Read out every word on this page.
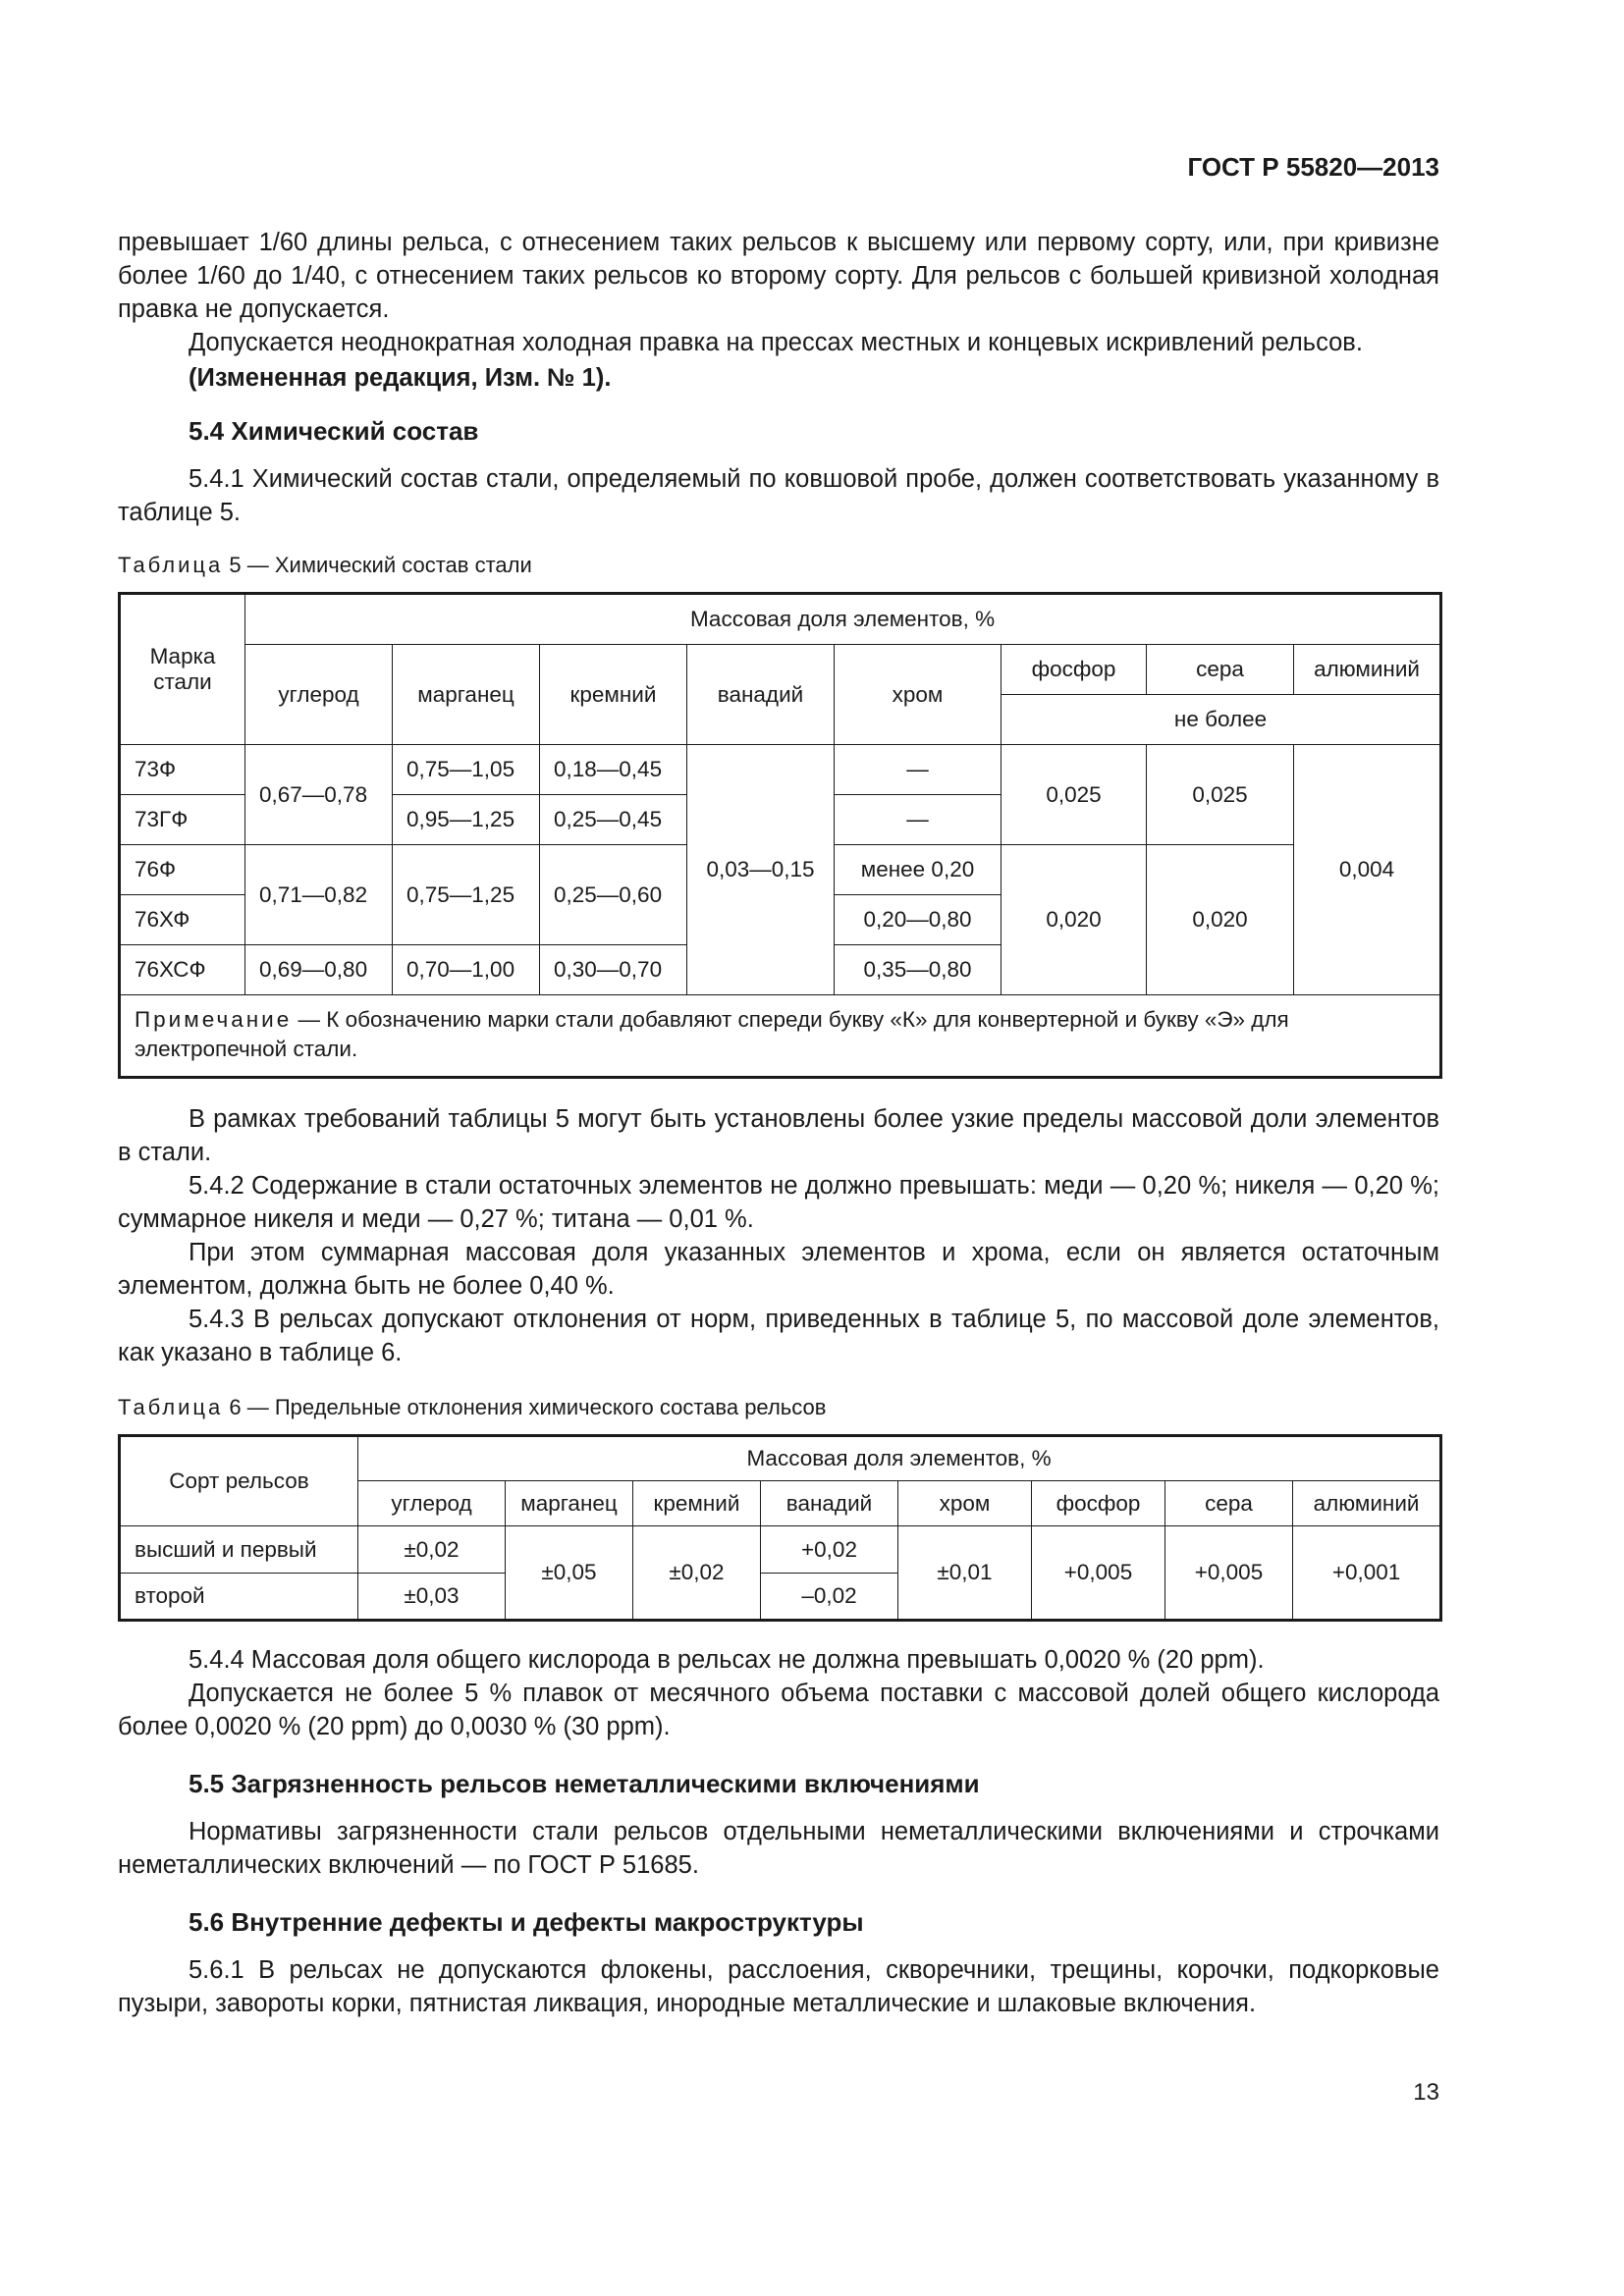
ГОСТ Р 55820—2013

превышает 1/60 длины рельса, с отнесением таких рельсов к высшему или первому сорту, или, при кривизне более 1/60 до 1/40, с отнесением таких рельсов ко второму сорту. Для рельсов с большей кривизной холодная правка не допускается.

Допускается неоднократная холодная правка на прессах местных и концевых искривлений рельсов.

(Измененная редакция, Изм. № 1).

5.4 Химический состав

5.4.1 Химический состав стали, определяемый по ковшовой пробе, должен соответствовать указанному в таблице 5.

Таблица 5 — Химический состав стали

Марка стали	Массовая доля элементов, %							
	углерод	марганец	кремний	ванадий	хром	фосфор	сера	алюминий
						не более		
73Ф	0,67—0,78	0,75—1,05	0,18—0,45	0,03—0,15	—	0,025	0,025	0,004
73ГФ		0,95—1,25	0,25—0,45		—			
76Ф	0,71—0,82	0,75—1,25	0,25—0,60		менее 0,20	0,020	0,020	
76ХФ					0,20—0,80			
76ХСФ	0,69—0,80	0,70—1,00	0,30—0,70		0,35—0,80			
Примечание — К обозначению марки стали добавляют спереди букву «К» для конвертерной и букву «Э» для электропечной стали.								

В рамках требований таблицы 5 могут быть установлены более узкие пределы массовой доли элементов в стали.

5.4.2 Содержание в стали остаточных элементов не должно превышать: меди — 0,20 %; никеля — 0,20 %; суммарное никеля и меди — 0,27 %; титана — 0,01 %.

При этом суммарная массовая доля указанных элементов и хрома, если он является остаточным элементом, должна быть не более 0,40 %.

5.4.3 В рельсах допускают отклонения от норм, приведенных в таблице 5, по массовой доле элементов, как указано в таблице 6.

Таблица 6 — Предельные отклонения химического состава рельсов

Сорт рельсов	Массовая доля элементов, %							
	углерод	марганец	кремний	ванадий	хром	фосфор	сера	алюминий
высший и первый	±0,02	±0,05	±0,02	+0,02	±0,01	+0,005	+0,005	+0,001
второй	±0,03			–0,02				

5.4.4 Массовая доля общего кислорода в рельсах не должна превышать 0,0020 % (20 ppm).

Допускается не более 5 % плавок от месячного объема поставки с массовой долей общего кислорода более 0,0020 % (20 ppm) до 0,0030 % (30 ppm).

5.5 Загрязненность рельсов неметаллическими включениями

Нормативы загрязненности стали рельсов отдельными неметаллическими включениями и строчками неметаллических включений — по ГОСТ Р 51685.

5.6 Внутренние дефекты и дефекты макроструктуры

5.6.1 В рельсах не допускаются флокены, расслоения, скворечники, трещины, корочки, подкорковые пузыри, завороты корки, пятнистая ликвация, инородные металлические и шлаковые включения.

13
